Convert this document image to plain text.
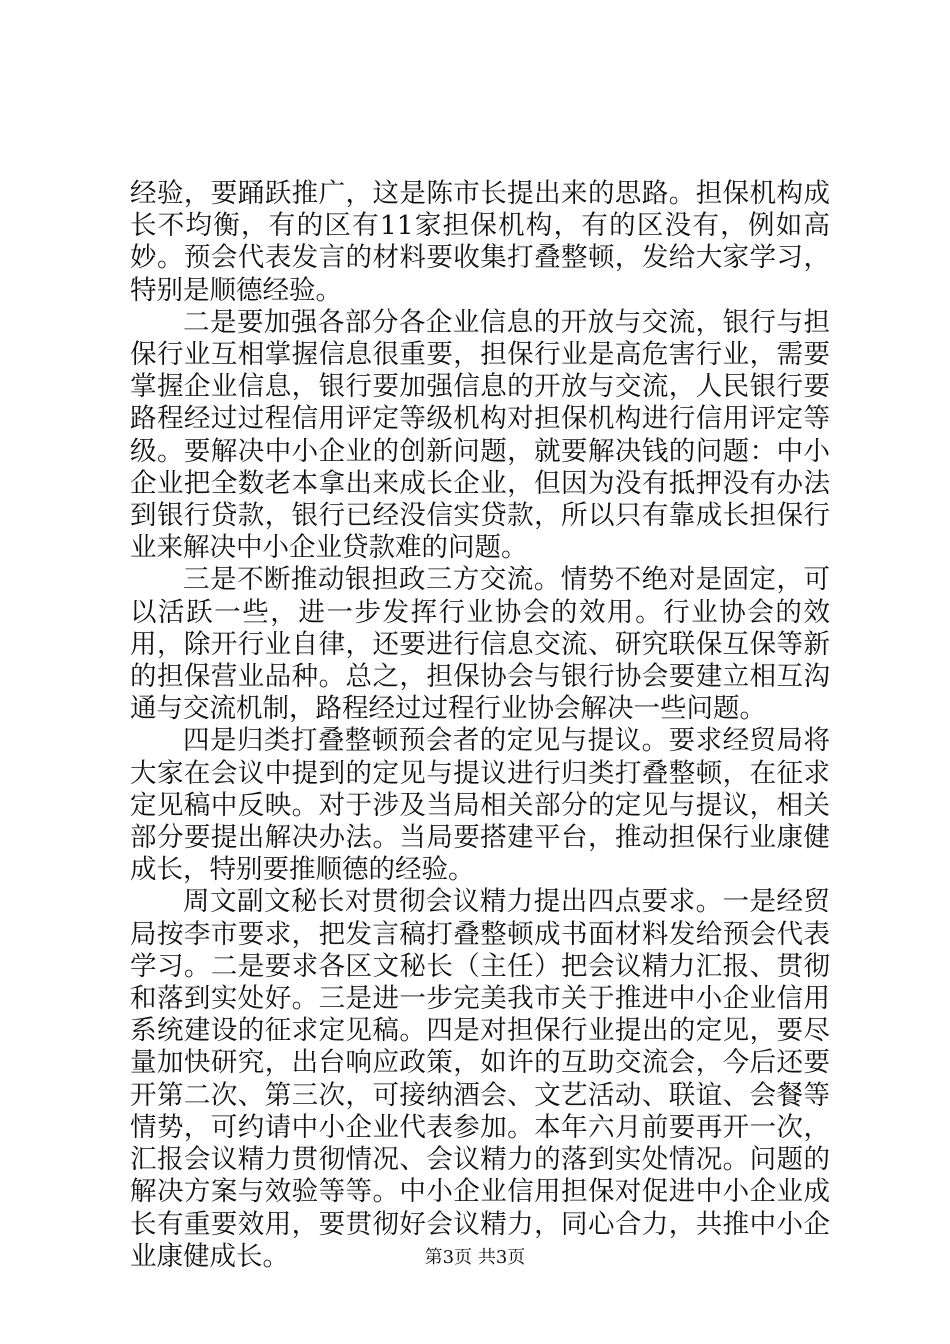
经验，要踊跃推广，这是陈市长提出来的思路。担保机构成长不均衡，有的区有11家担保机构，有的区没有，例如高妙。预会代表发言的材料要收集打叠整顿，发给大家学习，特别是顺德经验。

二是要加强各部分各企业信息的开放与交流，银行与担保行业互相掌握信息很重要，担保行业是高危害行业，需要掌握企业信息，银行要加强信息的开放与交流，人民银行要路程经过过程信用评定等级机构对担保机构进行信用评定等级。要解决中小企业的创新问题，就要解决钱的问题：中小企业把全数老本拿出来成长企业，但因为没有抵押没有办法到银行贷款，银行已经没信实贷款，所以只有靠成长担保行业来解决中小企业贷款难的问题。

三是不断推动银担政三方交流。情势不绝对是固定，可以活跃一些，进一步发挥行业协会的效用。行业协会的效用，除开行业自律，还要进行信息交流、研究联保互保等新的担保营业品种。总之，担保协会与银行协会要建立相互沟通与交流机制，路程经过过程行业协会解决一些问题。

四是归类打叠整顿预会者的定见与提议。要求经贸局将大家在会议中提到的定见与提议进行归类打叠整顿，在征求定见稿中反映。对于涉及当局相关部分的定见与提议，相关部分要提出解决办法。当局要搭建平台，推动担保行业康健成长，特别要推顺德的经验。

周文副文秘长对贯彻会议精力提出四点要求。一是经贸局按李市要求，把发言稿打叠整顿成书面材料发给预会代表学习。二是要求各区文秘长（主任）把会议精力汇报、贯彻和落到实处好。三是进一步完美我市关于推进中小企业信用系统建设的征求定见稿。四是对担保行业提出的定见，要尽量加快研究，出台响应政策，如许的互助交流会，今后还要开第二次、第三次，可接纳酒会、文艺活动、联谊、会餐等情势，可约请中小企业代表参加。本年六月前要再开一次，汇报会议精力贯彻情况、会议精力的落到实处情况。问题的解决方案与效验等等。中小企业信用担保对促进中小企业成长有重要效用，要贯彻好会议精力，同心合力，共推中小企业康健成长。	第3页 共3页
